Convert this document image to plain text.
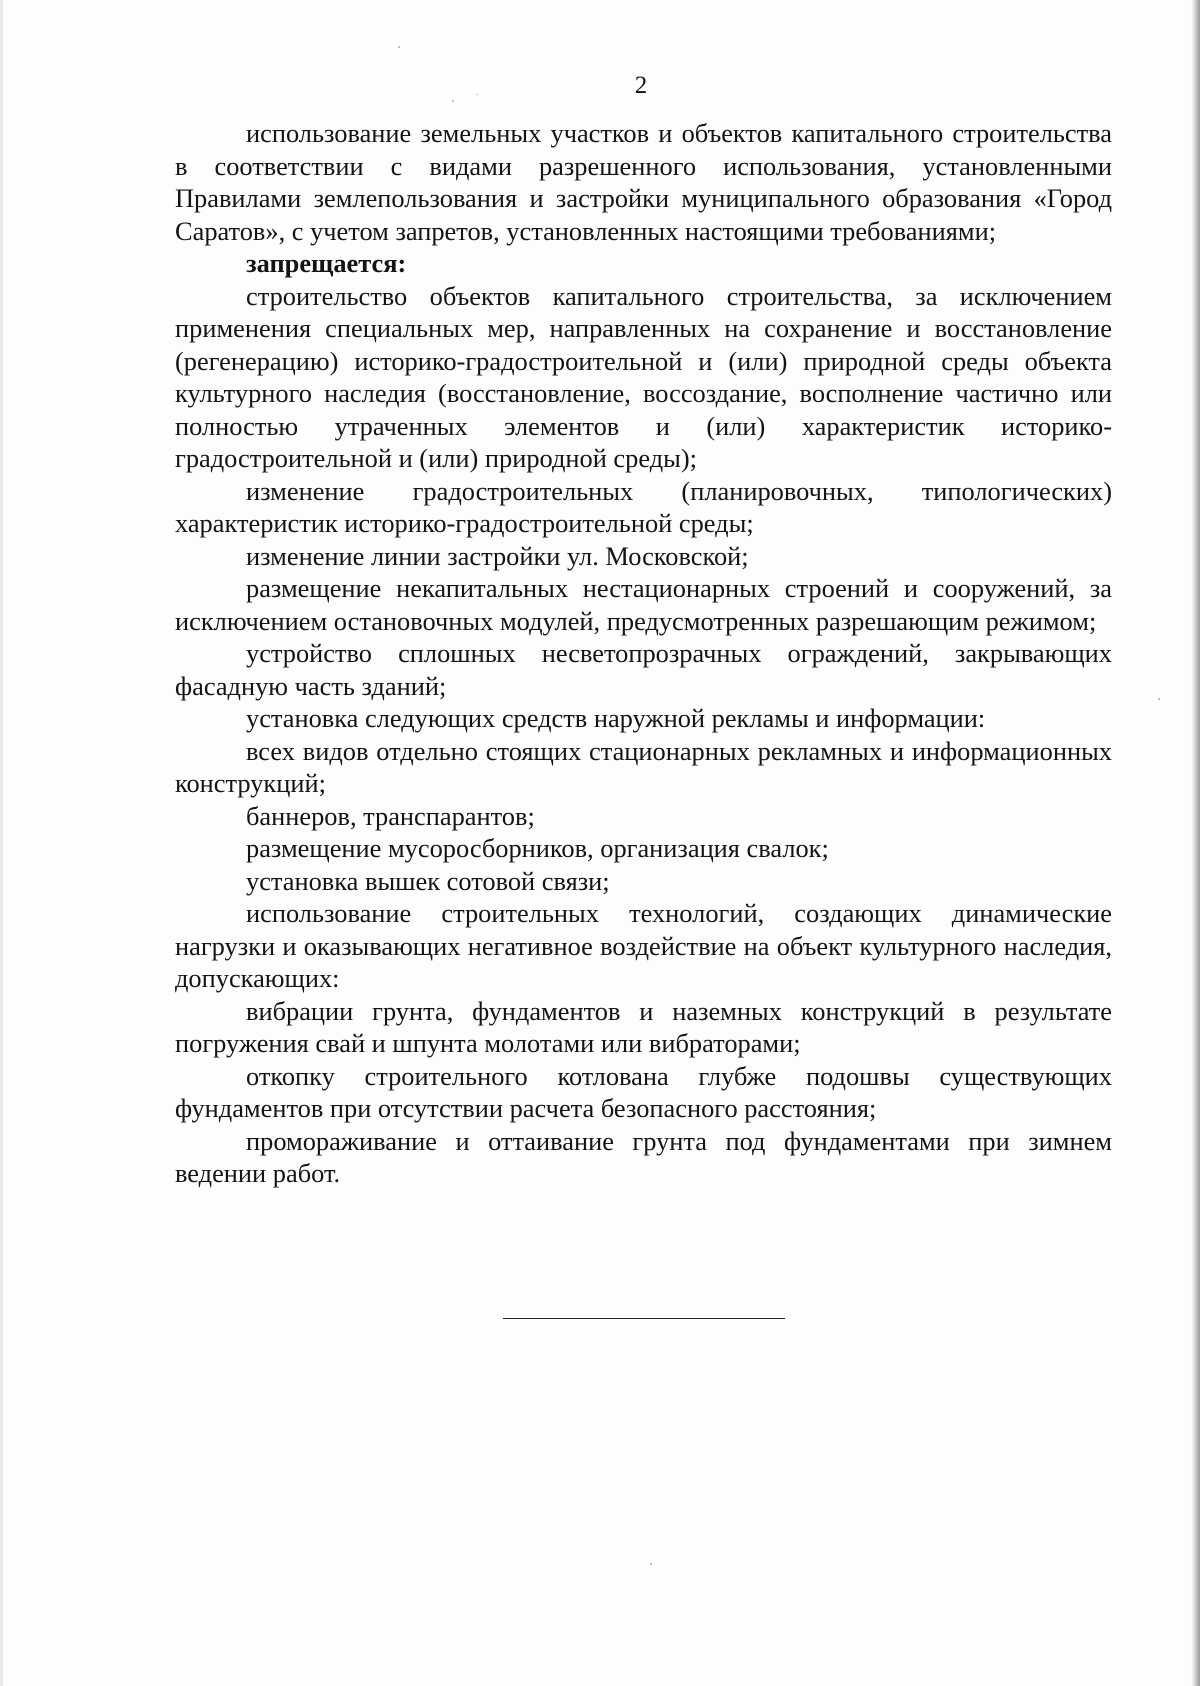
2

использование земельных участков и объектов капитального строительства в соответствии с видами разрешенного использования, установленными Правилами землепользования и застройки муниципального образования «Город Саратов», с учетом запретов, установленных настоящими требованиями;

запрещается:

строительство объектов капитального строительства, за исключением применения специальных мер, направленных на сохранение и восстановление (регенерацию) историко-градостроительной и (или) природной среды объекта культурного наследия (восстановление, воссоздание, восполнение частично или полностью утраченных элементов и (или) характеристик историко-градостроительной и (или) природной среды);

изменение градостроительных (планировочных, типологических) характеристик историко-градостроительной среды;

изменение линии застройки ул. Московской;

размещение некапитальных нестационарных строений и сооружений, за исключением остановочных модулей, предусмотренных разрешающим режимом;

устройство сплошных несветопрозрачных ограждений, закрывающих фасадную часть зданий;

установка следующих средств наружной рекламы и информации:

всех видов отдельно стоящих стационарных рекламных и информационных конструкций;

баннеров, транспарантов;

размещение мусоросборников, организация свалок;

установка вышек сотовой связи;

использование строительных технологий, создающих динамические нагрузки и оказывающих негативное воздействие на объект культурного наследия, допускающих:

вибрации грунта, фундаментов и наземных конструкций в результате погружения свай и шпунта молотами или вибраторами;

откопку строительного котлована глубже подошвы существующих фундаментов при отсутствии расчета безопасного расстояния;

промораживание и оттаивание грунта под фундаментами при зимнем ведении работ.
